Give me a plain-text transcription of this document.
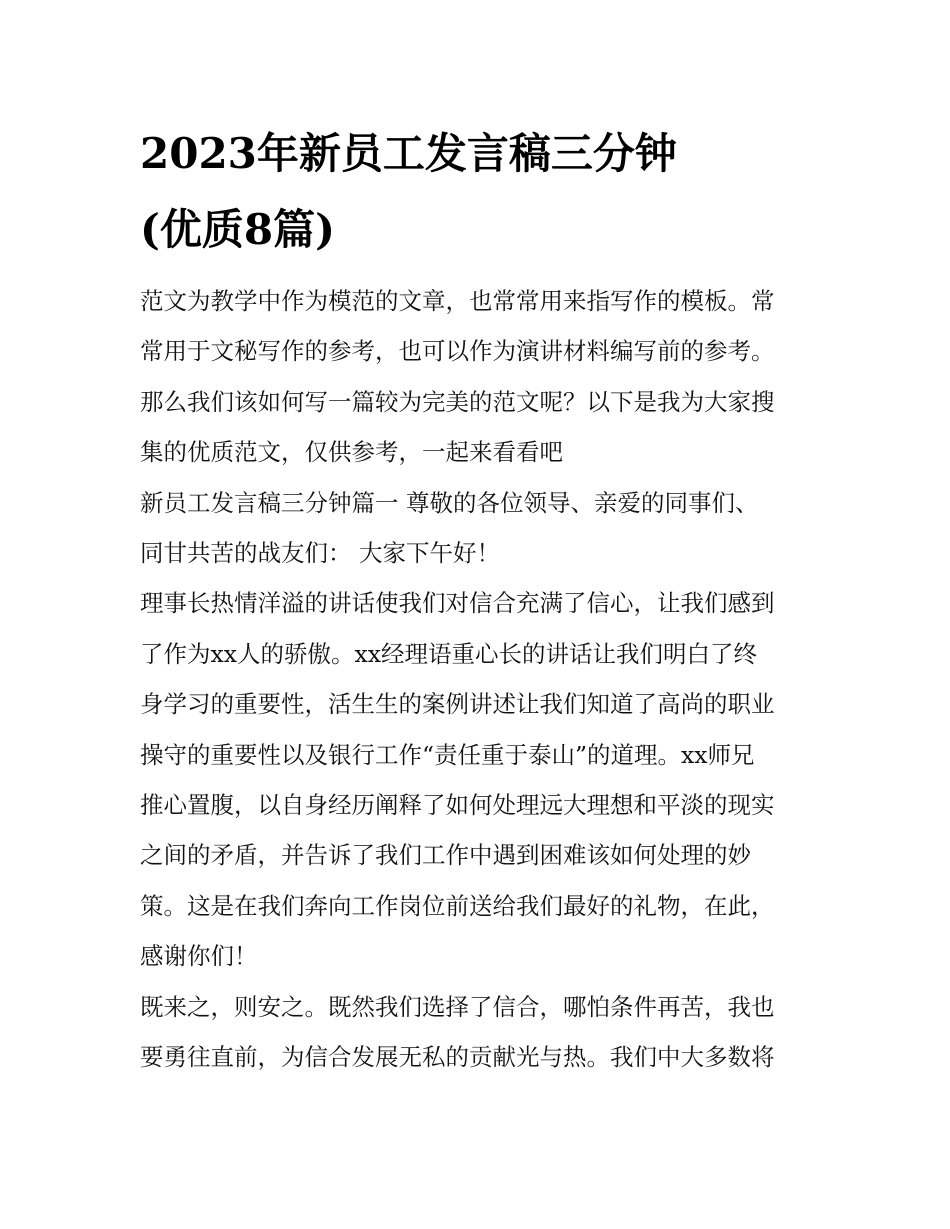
2023年新员工发言稿三分钟
(优质8篇)

范文为教学中作为模范的文章，也常常用来指写作的模板。常
常用于文秘写作的参考，也可以作为演讲材料编写前的参考。
那么我们该如何写一篇较为完美的范文呢？以下是我为大家搜
集的优质范文，仅供参考，一起来看看吧

新员工发言稿三分钟篇一 尊敬的各位领导、亲爱的同事们、
同甘共苦的战友们： 大家下午好！

理事长热情洋溢的讲话使我们对信合充满了信心，让我们感到
了作为xx人的骄傲。xx经理语重心长的讲话让我们明白了终
身学习的重要性，活生生的案例讲述让我们知道了高尚的职业
操守的重要性以及银行工作“责任重于泰山”的道理。xx师兄
推心置腹，以自身经历阐释了如何处理远大理想和平淡的现实
之间的矛盾，并告诉了我们工作中遇到困难该如何处理的妙
策。这是在我们奔向工作岗位前送给我们最好的礼物，在此，
感谢你们！

既来之，则安之。既然我们选择了信合，哪怕条件再苦，我也
要勇往直前，为信合发展无私的贡献光与热。我们中大多数将
